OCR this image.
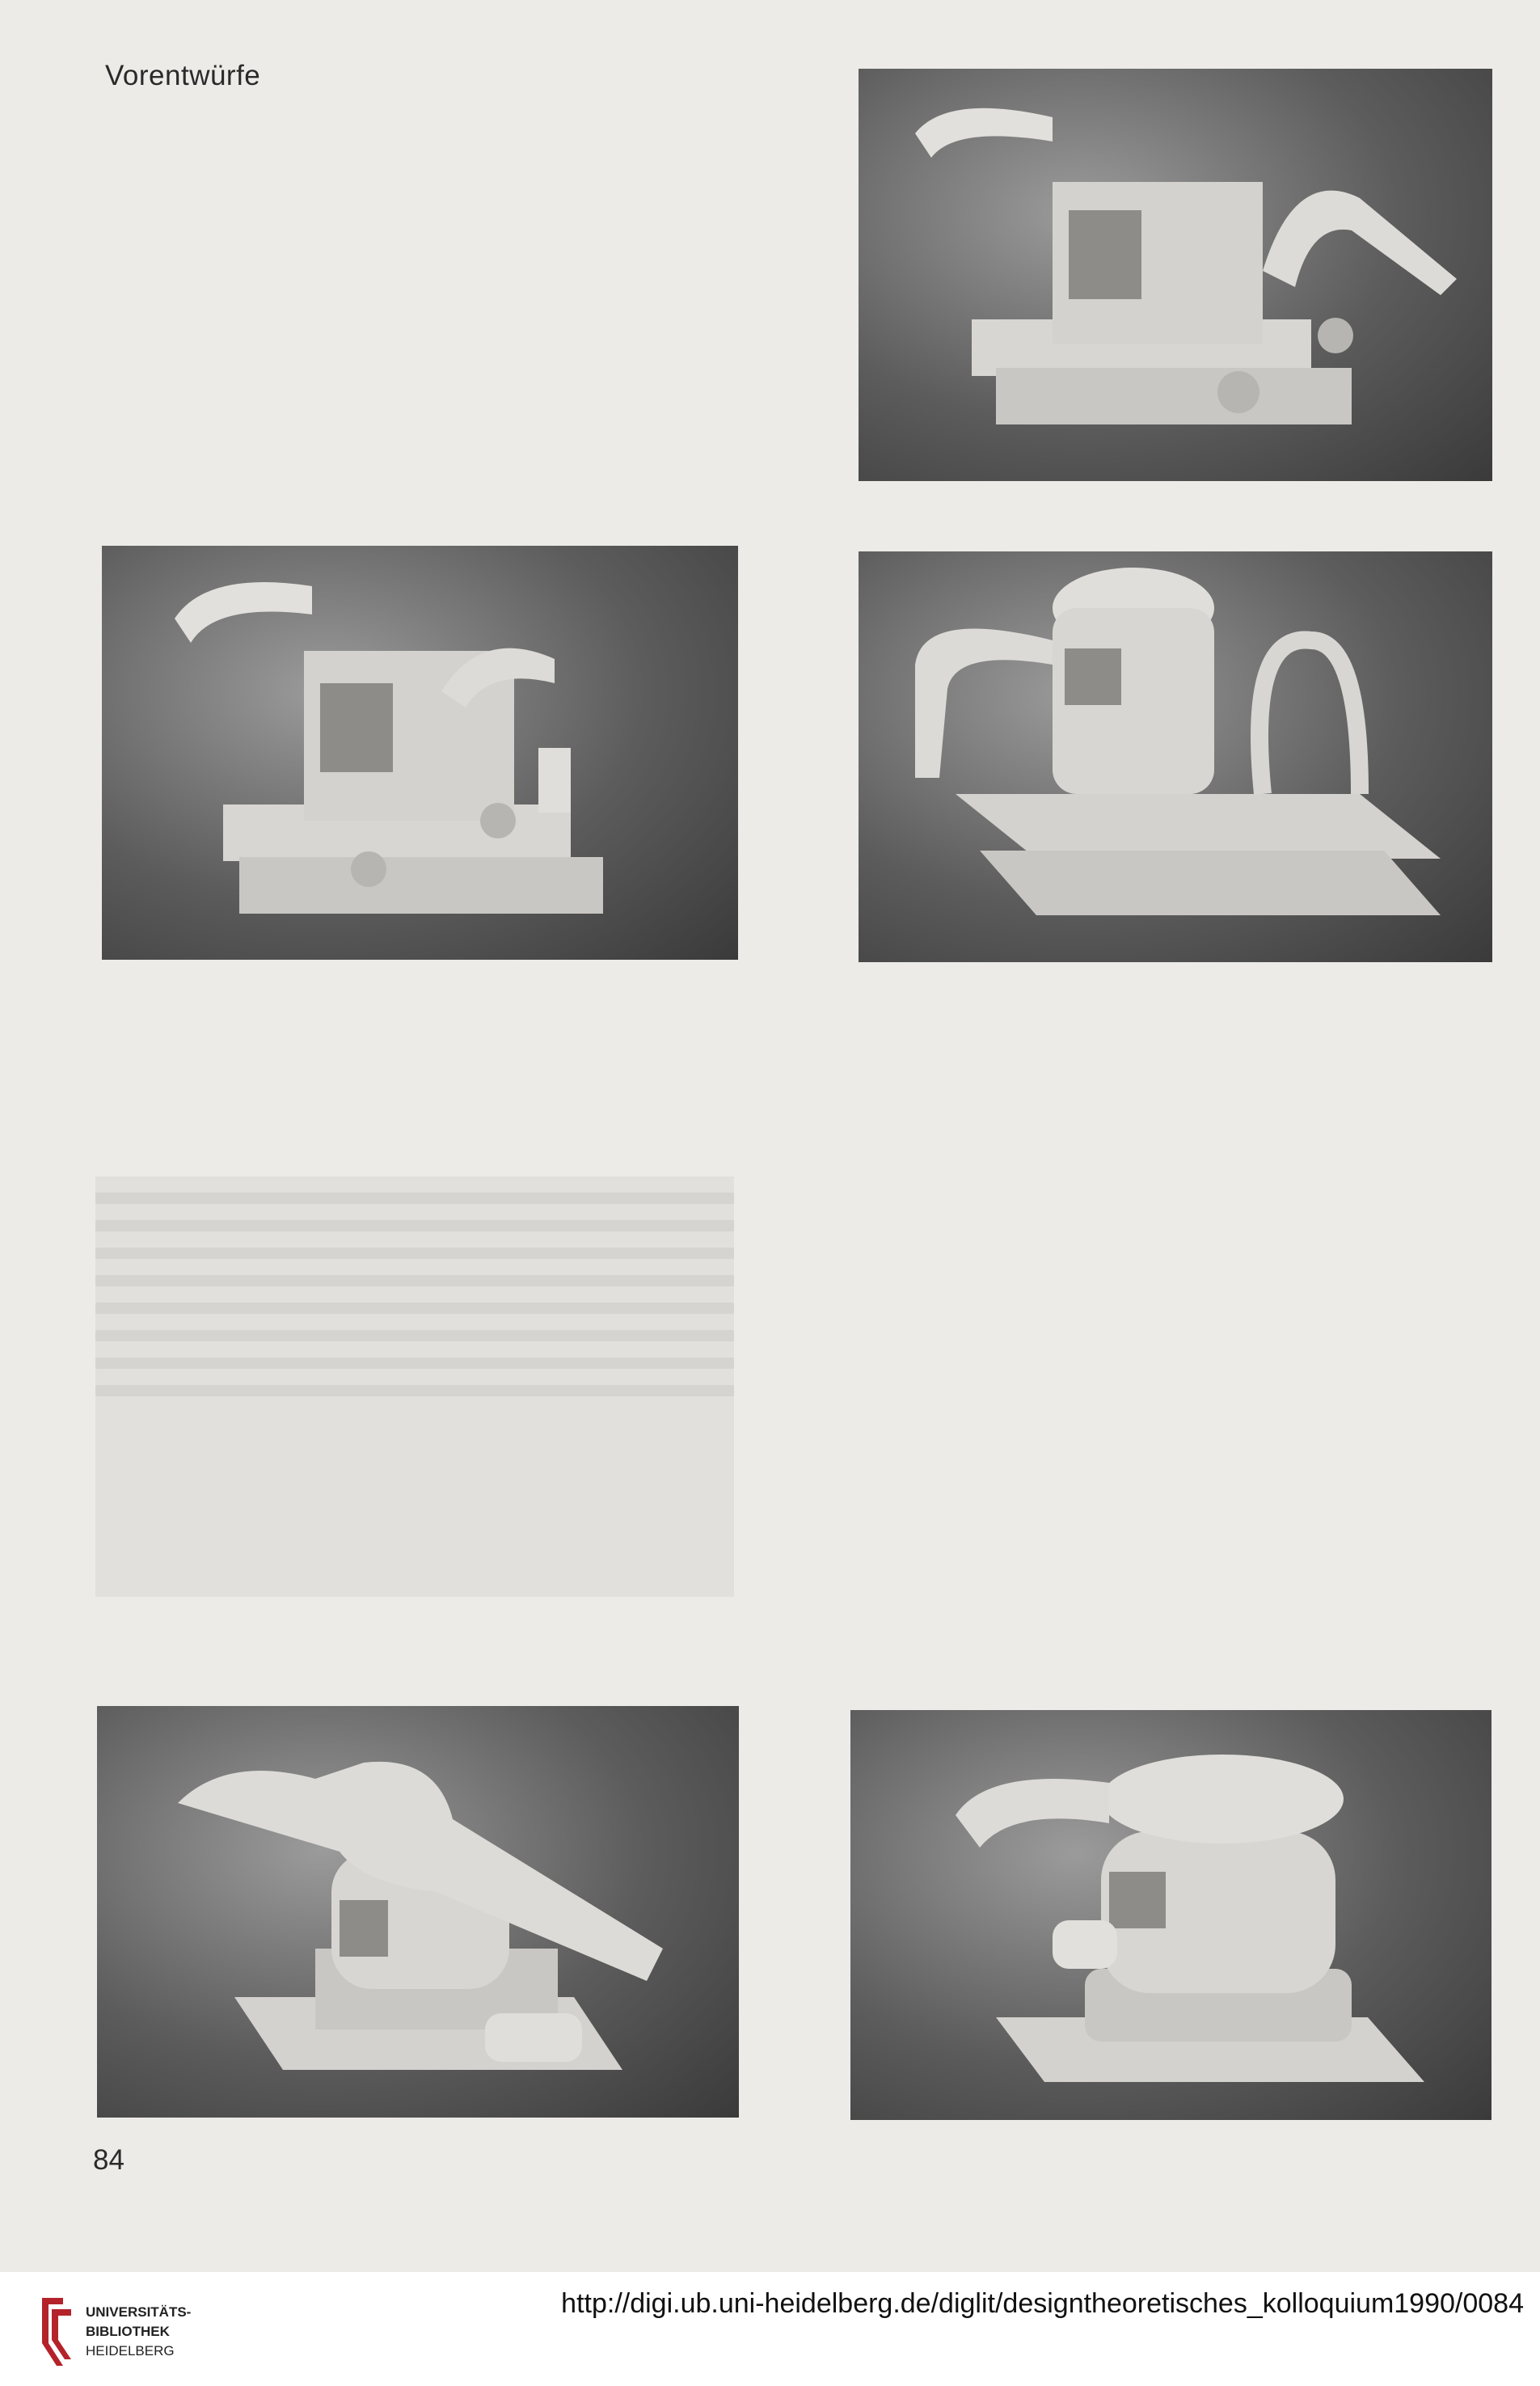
Vorentwürfe
84
UNIVERSITÄTS-
BIBLIOTHEK
HEIDELBERG
http://digi.ub.uni-heidelberg.de/diglit/designtheoretisches_kolloquium1990/0084
